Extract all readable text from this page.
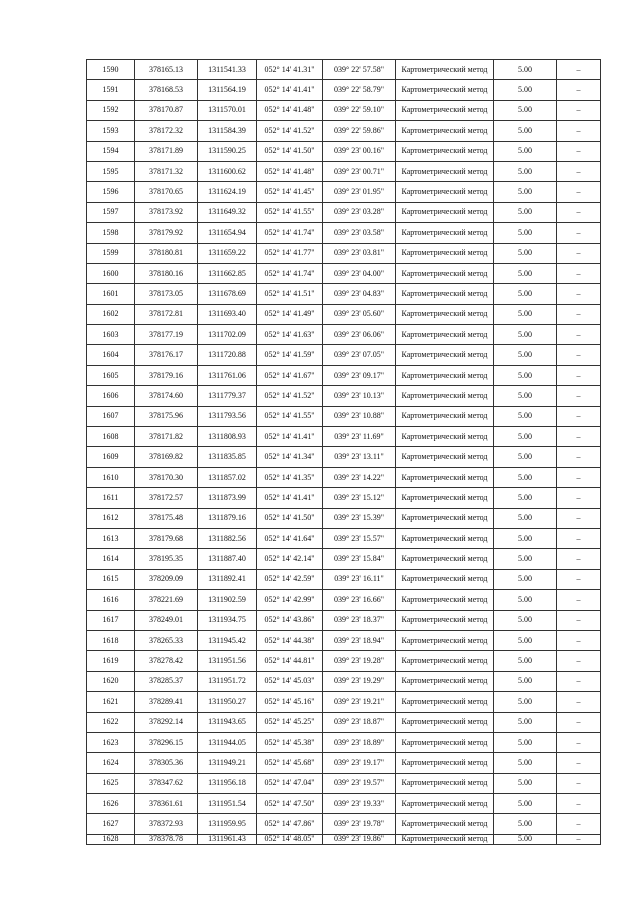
1590	378165.13	1311541.33	052° 14' 41.31"	039° 22' 57.58"	Картометрический метод	5.00	–
1591	378168.53	1311564.19	052° 14' 41.41"	039° 22' 58.79"	Картометрический метод	5.00	–
1592	378170.87	1311570.01	052° 14' 41.48"	039° 22' 59.10"	Картометрический метод	5.00	–
1593	378172.32	1311584.39	052° 14' 41.52"	039° 22' 59.86"	Картометрический метод	5.00	–
1594	378171.89	1311590.25	052° 14' 41.50"	039° 23' 00.16"	Картометрический метод	5.00	–
1595	378171.32	1311600.62	052° 14' 41.48"	039° 23' 00.71"	Картометрический метод	5.00	–
1596	378170.65	1311624.19	052° 14' 41.45"	039° 23' 01.95"	Картометрический метод	5.00	–
1597	378173.92	1311649.32	052° 14' 41.55"	039° 23' 03.28"	Картометрический метод	5.00	–
1598	378179.92	1311654.94	052° 14' 41.74"	039° 23' 03.58"	Картометрический метод	5.00	–
1599	378180.81	1311659.22	052° 14' 41.77"	039° 23' 03.81"	Картометрический метод	5.00	–
1600	378180.16	1311662.85	052° 14' 41.74"	039° 23' 04.00"	Картометрический метод	5.00	–
1601	378173.05	1311678.69	052° 14' 41.51"	039° 23' 04.83"	Картометрический метод	5.00	–
1602	378172.81	1311693.40	052° 14' 41.49"	039° 23' 05.60"	Картометрический метод	5.00	–
1603	378177.19	1311702.09	052° 14' 41.63"	039° 23' 06.06"	Картометрический метод	5.00	–
1604	378176.17	1311720.88	052° 14' 41.59"	039° 23' 07.05"	Картометрический метод	5.00	–
1605	378179.16	1311761.06	052° 14' 41.67"	039° 23' 09.17"	Картометрический метод	5.00	–
1606	378174.60	1311779.37	052° 14' 41.52"	039° 23' 10.13"	Картометрический метод	5.00	–
1607	378175.96	1311793.56	052° 14' 41.55"	039° 23' 10.88"	Картометрический метод	5.00	–
1608	378171.82	1311808.93	052° 14' 41.41"	039° 23' 11.69"	Картометрический метод	5.00	–
1609	378169.82	1311835.85	052° 14' 41.34"	039° 23' 13.11"	Картометрический метод	5.00	–
1610	378170.30	1311857.02	052° 14' 41.35"	039° 23' 14.22"	Картометрический метод	5.00	–
1611	378172.57	1311873.99	052° 14' 41.41"	039° 23' 15.12"	Картометрический метод	5.00	–
1612	378175.48	1311879.16	052° 14' 41.50"	039° 23' 15.39"	Картометрический метод	5.00	–
1613	378179.68	1311882.56	052° 14' 41.64"	039° 23' 15.57"	Картометрический метод	5.00	–
1614	378195.35	1311887.40	052° 14' 42.14"	039° 23' 15.84"	Картометрический метод	5.00	–
1615	378209.09	1311892.41	052° 14' 42.59"	039° 23' 16.11"	Картометрический метод	5.00	–
1616	378221.69	1311902.59	052° 14' 42.99"	039° 23' 16.66"	Картометрический метод	5.00	–
1617	378249.01	1311934.75	052° 14' 43.86"	039° 23' 18.37"	Картометрический метод	5.00	–
1618	378265.33	1311945.42	052° 14' 44.38"	039° 23' 18.94"	Картометрический метод	5.00	–
1619	378278.42	1311951.56	052° 14' 44.81"	039° 23' 19.28"	Картометрический метод	5.00	–
1620	378285.37	1311951.72	052° 14' 45.03"	039° 23' 19.29"	Картометрический метод	5.00	–
1621	378289.41	1311950.27	052° 14' 45.16"	039° 23' 19.21"	Картометрический метод	5.00	–
1622	378292.14	1311943.65	052° 14' 45.25"	039° 23' 18.87"	Картометрический метод	5.00	–
1623	378296.15	1311944.05	052° 14' 45.38"	039° 23' 18.89"	Картометрический метод	5.00	–
1624	378305.36	1311949.21	052° 14' 45.68"	039° 23' 19.17"	Картометрический метод	5.00	–
1625	378347.62	1311956.18	052° 14' 47.04"	039° 23' 19.57"	Картометрический метод	5.00	–
1626	378361.61	1311951.54	052° 14' 47.50"	039° 23' 19.33"	Картометрический метод	5.00	–
1627	378372.93	1311959.95	052° 14' 47.86"	039° 23' 19.78"	Картометрический метод	5.00	–
1628	378378.78	1311961.43	052° 14' 48.05"	039° 23' 19.86"	Картометрический метод	5.00	–
